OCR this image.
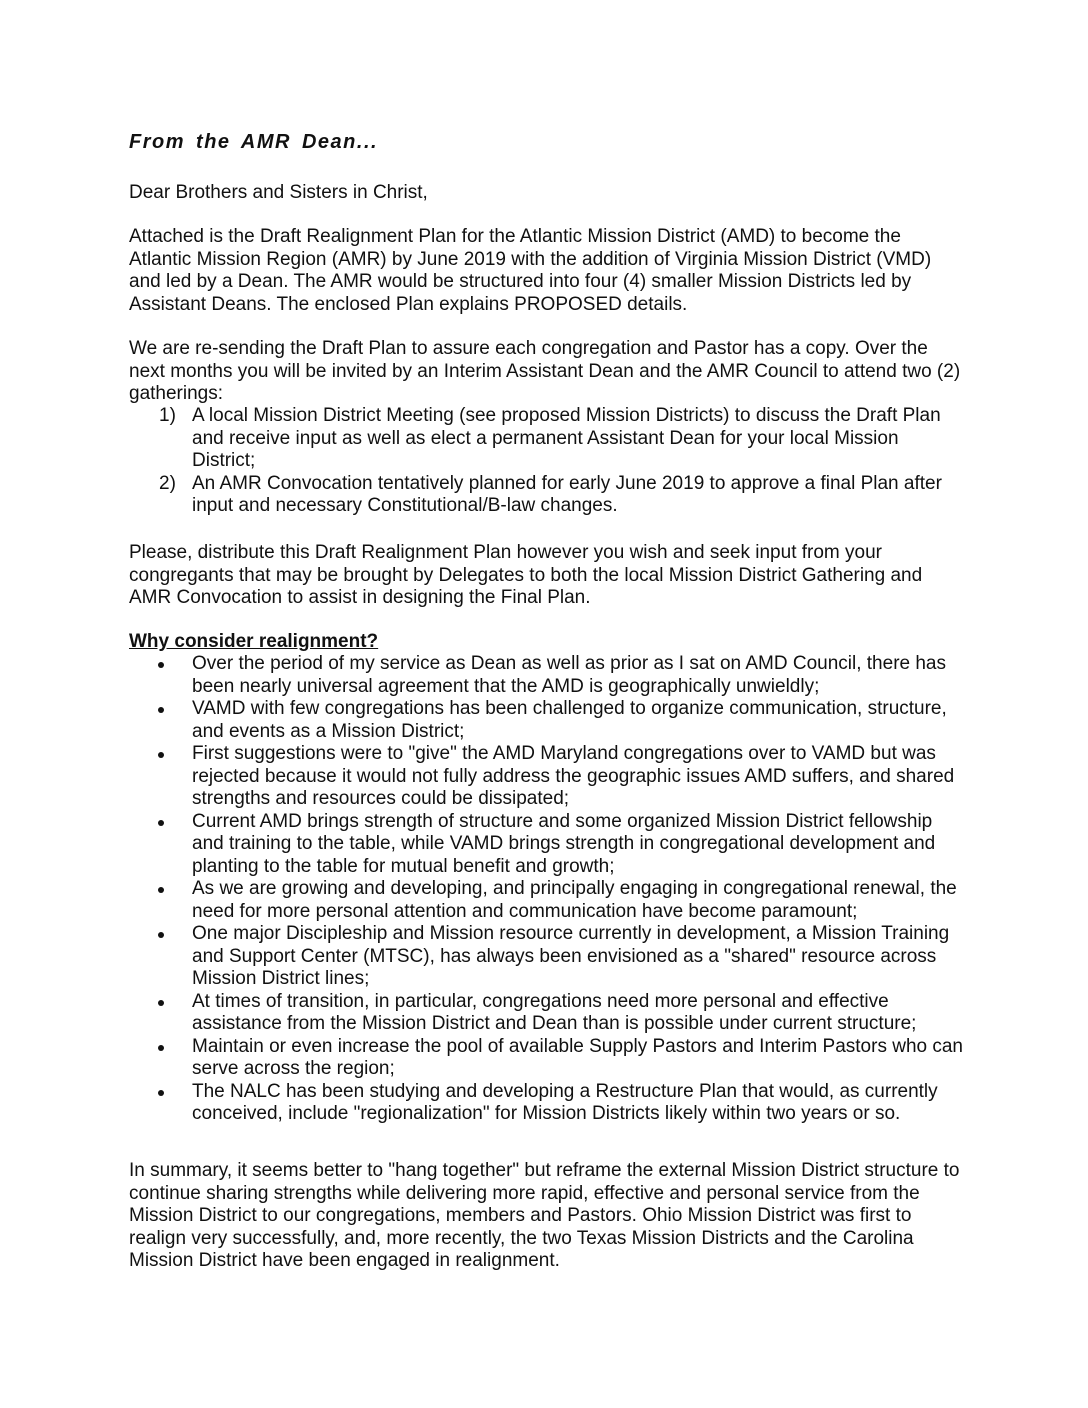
From the AMR Dean...

Dear Brothers and Sisters in Christ,

Attached is the Draft Realignment Plan for the Atlantic Mission District (AMD) to become the Atlantic Mission Region (AMR) by June 2019 with the addition of Virginia Mission District (VMD) and led by a Dean. The AMR would be structured into four (4) smaller Mission Districts led by Assistant Deans. The enclosed Plan explains PROPOSED details.

We are re-sending the Draft Plan to assure each congregation and Pastor has a copy. Over the next months you will be invited by an Interim Assistant Dean and the AMR Council to attend two (2) gatherings:

1) A local Mission District Meeting (see proposed Mission Districts) to discuss the Draft Plan and receive input as well as elect a permanent Assistant Dean for your local Mission District;
2) An AMR Convocation tentatively planned for early June 2019 to approve a final Plan after input and necessary Constitutional/B-law changes.

Please, distribute this Draft Realignment Plan however you wish and seek input from your congregants that may be brought by Delegates to both the local Mission District Gathering and AMR Convocation to assist in designing the Final Plan.

Why consider realignment?
Over the period of my service as Dean as well as prior as I sat on AMD Council, there has been nearly universal agreement that the AMD is geographically unwieldly;
VAMD with few congregations has been challenged to organize communication, structure, and events as a Mission District;
First suggestions were to "give" the AMD Maryland congregations over to VAMD but was rejected because it would not fully address the geographic issues AMD suffers, and shared strengths and resources could be dissipated;
Current AMD brings strength of structure and some organized Mission District fellowship and training to the table, while VAMD brings strength in congregational development and planting to the table for mutual benefit and growth;
As we are growing and developing, and principally engaging in congregational renewal, the need for more personal attention and communication have become paramount;
One major Discipleship and Mission resource currently in development, a Mission Training and Support Center (MTSC), has always been envisioned as a "shared" resource across Mission District lines;
At times of transition, in particular, congregations need more personal and effective assistance from the Mission District and Dean than is possible under current structure;
Maintain or even increase the pool of available Supply Pastors and Interim Pastors who can serve across the region;
The NALC has been studying and developing a Restructure Plan that would, as currently conceived, include "regionalization" for Mission Districts likely within two years or so.

In summary, it seems better to "hang together" but reframe the external Mission District structure to continue sharing strengths while delivering more rapid, effective and personal service from the Mission District to our congregations, members and Pastors. Ohio Mission District was first to realign very successfully, and, more recently, the two Texas Mission Districts and the Carolina Mission District have been engaged in realignment.
